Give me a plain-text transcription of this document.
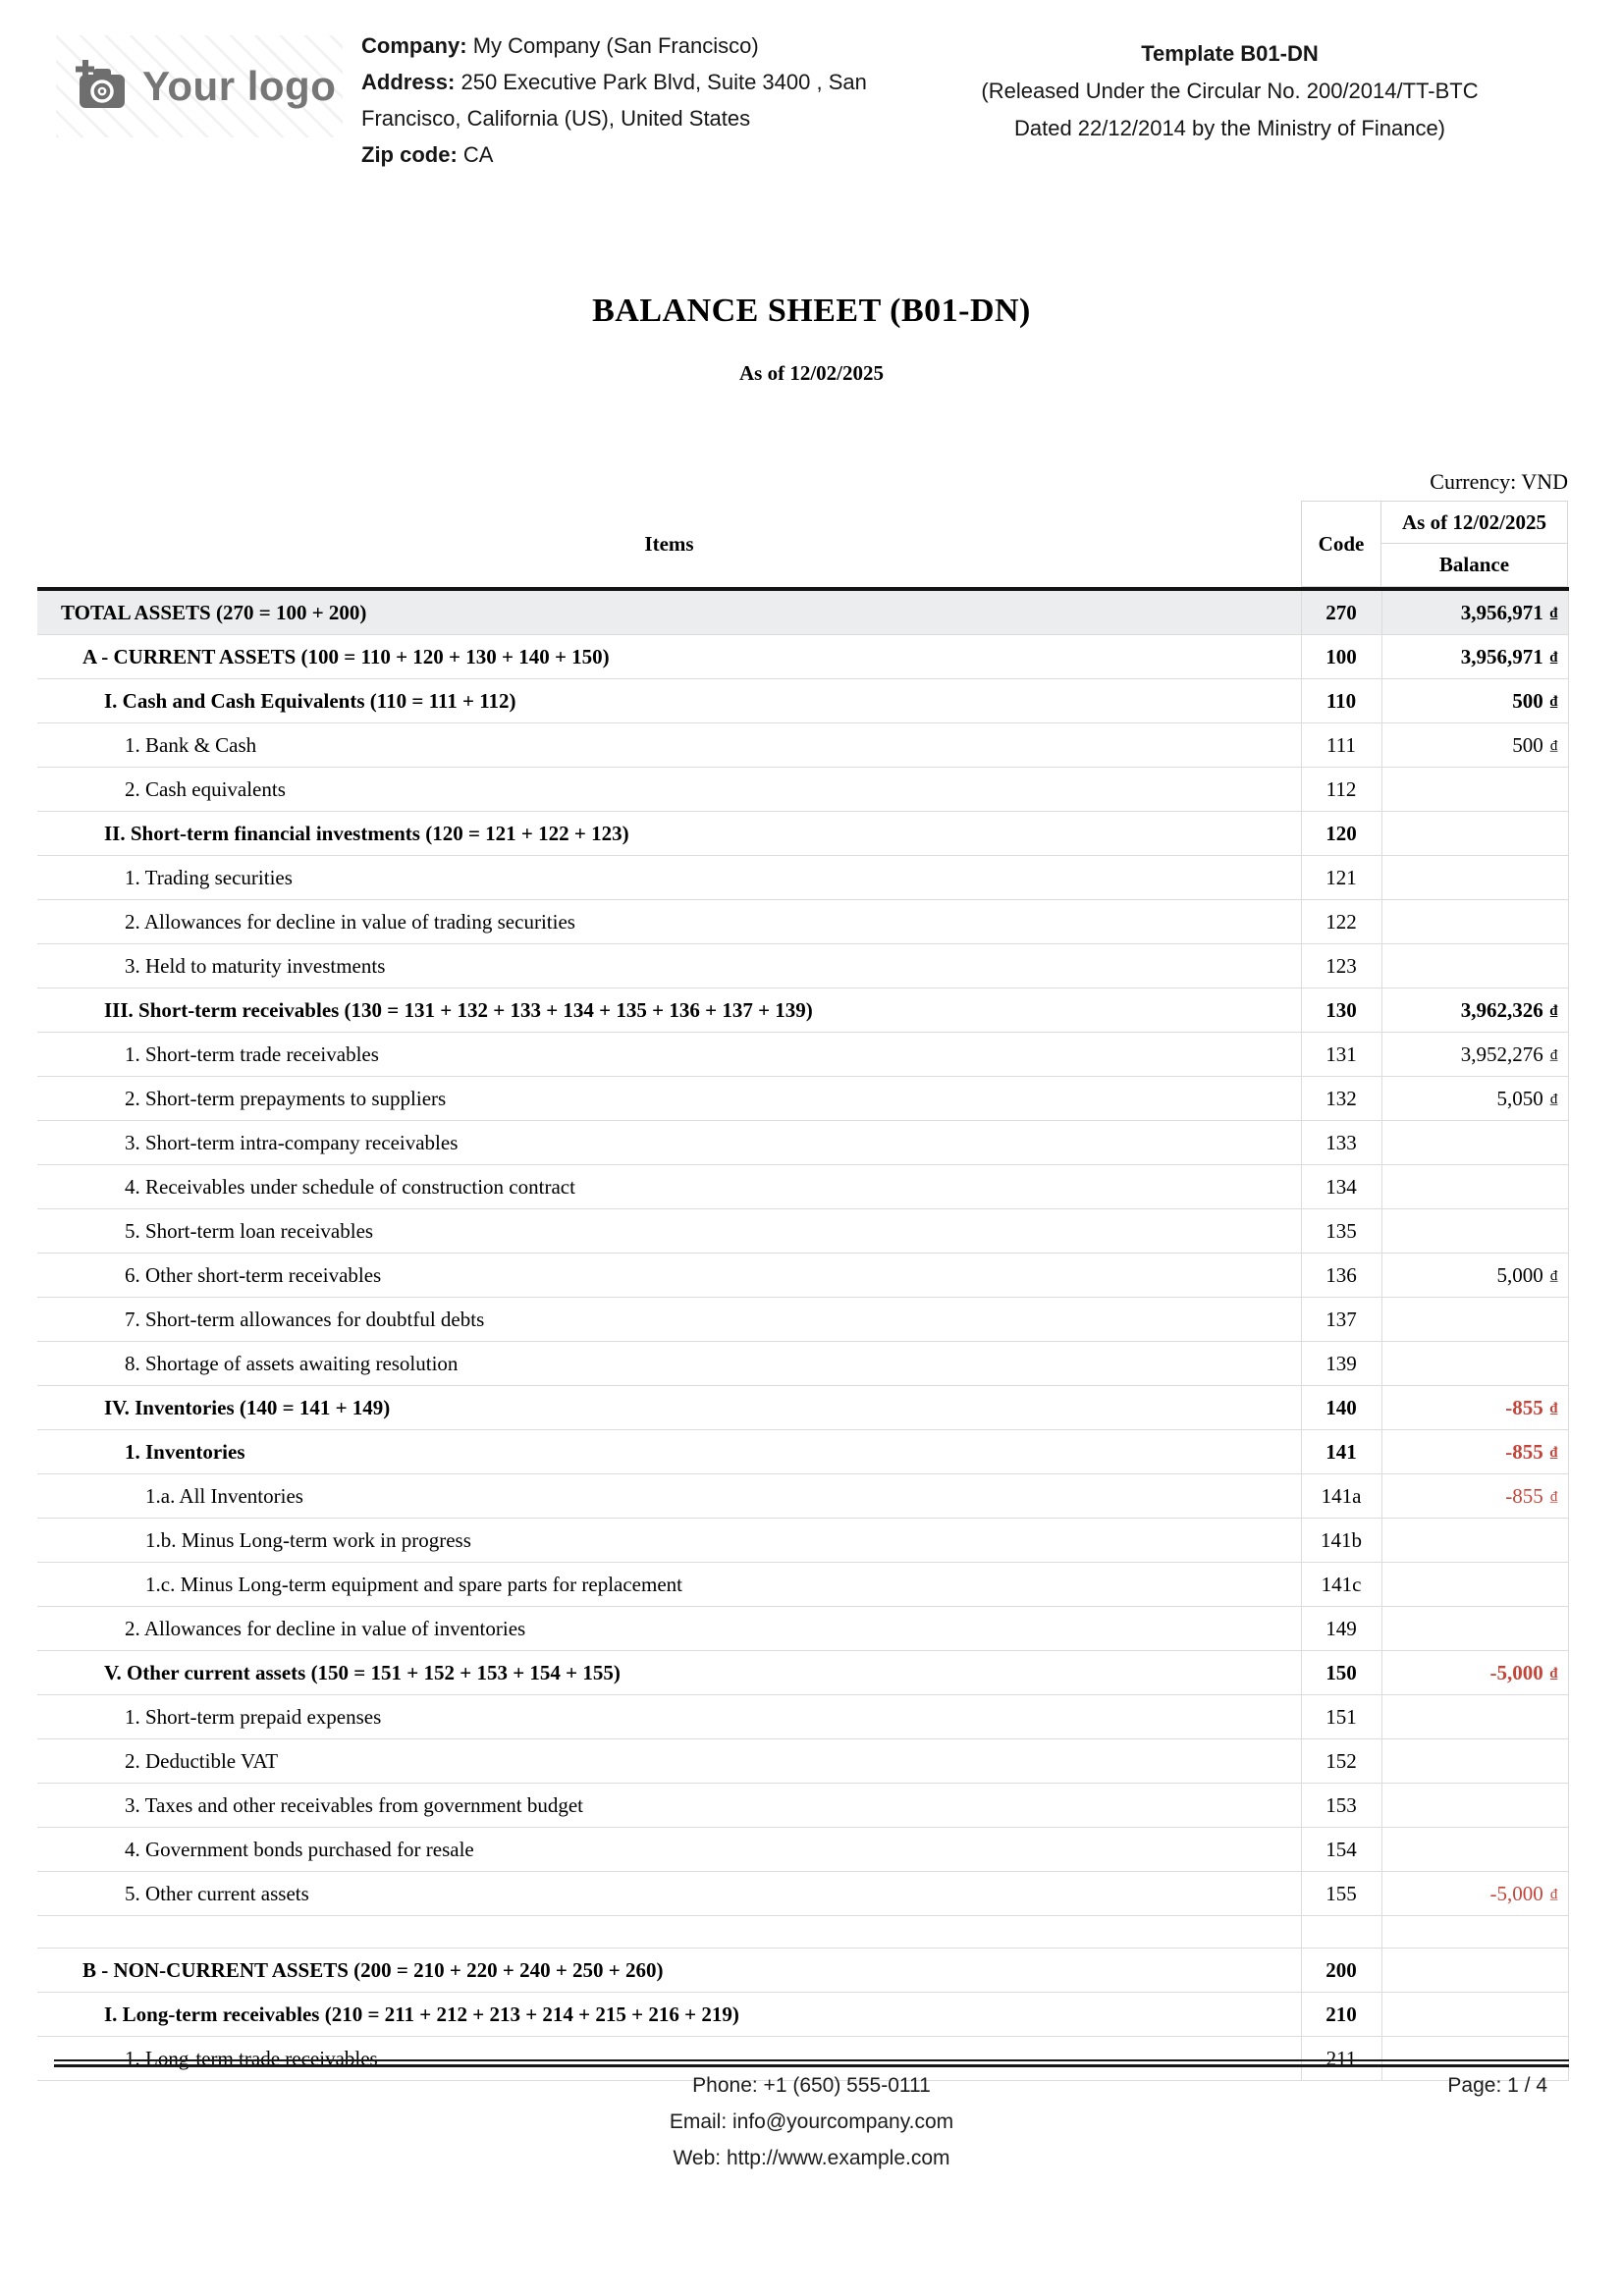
Your logo
Company: My Company (San Francisco)
Address: 250 Executive Park Blvd, Suite 3400 , San Francisco, California (US), United States
Zip code: CA
Template B01-DN
(Released Under the Circular No. 200/2014/TT-BTC
Dated 22/12/2014 by the Ministry of Finance)
BALANCE SHEET (B01-DN)
As of 12/02/2025
Currency: VND
Items	Code
As of 12/02/2025
Balance
TOTAL ASSETS (270 = 100 + 200)	270	3,956,971 ₫
A - CURRENT ASSETS (100 = 110 + 120 + 130 + 140 + 150)	100	3,956,971 ₫
I. Cash and Cash Equivalents (110 = 111 + 112)	110	500 ₫
1. Bank & Cash	111	500 ₫
2. Cash equivalents	112	
II. Short-term financial investments (120 = 121 + 122 + 123)	120	
1. Trading securities	121	
2. Allowances for decline in value of trading securities	122	
3. Held to maturity investments	123	
III. Short-term receivables (130 = 131 + 132 + 133 + 134 + 135 + 136 + 137 + 139)	130	3,962,326 ₫
1. Short-term trade receivables	131	3,952,276 ₫
2. Short-term prepayments to suppliers	132	5,050 ₫
3. Short-term intra-company receivables	133	
4. Receivables under schedule of construction contract	134	
5. Short-term loan receivables	135	
6. Other short-term receivables	136	5,000 ₫
7. Short-term allowances for doubtful debts	137	
8. Shortage of assets awaiting resolution	139	
IV. Inventories (140 = 141 + 149)	140	-855 ₫
1. Inventories	141	-855 ₫
1.a. All Inventories	141a	-855 ₫
1.b. Minus Long-term work in progress	141b	
1.c. Minus Long-term equipment and spare parts for replacement	141c	
2. Allowances for decline in value of inventories	149	
V. Other current assets (150 = 151 + 152 + 153 + 154 + 155)	150	-5,000 ₫
1. Short-term prepaid expenses	151	
2. Deductible VAT	152	
3. Taxes and other receivables from government budget	153	
4. Government bonds purchased for resale	154	
5. Other current assets	155	-5,000 ₫

B - NON-CURRENT ASSETS (200 = 210 + 220 + 240 + 250 + 260)	200	
I. Long-term receivables (210 = 211 + 212 + 213 + 214 + 215 + 216 + 219)	210	
1. Long-term trade receivables	211	
Phone: +1 (650) 555-0111	Page: 1 / 4
Email: info@yourcompany.com
Web: http://www.example.com
